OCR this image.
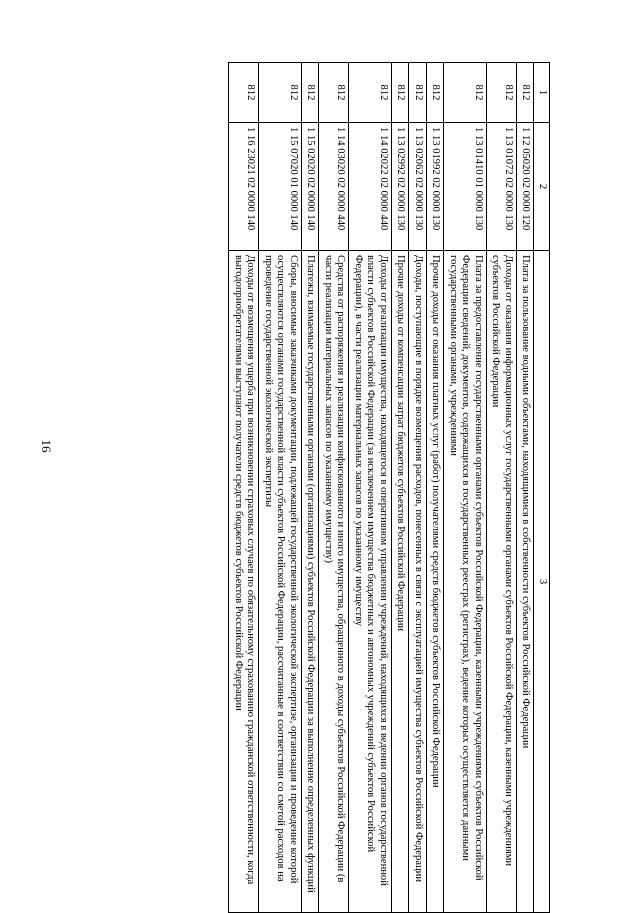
16
1	2	3
812	1 12 05020 02 0000 120	Плата за пользование водными объектами, находящимися в собственности субъектов Российской Федерации
812	1 13 01072 02 0000 130	Доходы от оказания информационных услуг государственными органами субъектов Российской Федерации, казенными учреждениями субъектов Российской Федерации
812	1 13 01410 01 0000 130	Плата за предоставление государственными органами субъектов Российской Федерации, казенными учреждениями субъектов Российской Федерации сведений, документов, содержащихся в государственных реестрах (регистрах), ведение которых осуществляется данными государственными органами, учреждениями
812	1 13 01992 02 0000 130	Прочие доходы от оказания платных услуг (работ) получателями средств бюджетов субъектов Российской Федерации
812	1 13 02062 02 0000 130	Доходы, поступающие в порядке возмещения расходов, понесенных в связи с эксплуатацией имущества субъектов Российской Федерации
812	1 13 02992 02 0000 130	Прочие доходы от компенсации затрат бюджетов субъектов Российской Федерации
812	1 14 02022 02 0000 440	Доходы от реализации имущества, находящегося в оперативном управлении учреждений, находящихся в ведении органов государственной власти субъектов Российской Федерации (за исключением имущества бюджетных и автономных учреждений субъектов Российской Федерации), в части реализации материальных запасов по указанному имуществу
812	1 14 03020 02 0000 440	Средства от распоряжения и реализации конфискованного и иного имущества, обращенного в доходы субъектов Российской Федерации (в части реализации материальных запасов по указанному имуществу)
812	1 15 02020 02 0000 140	Платежи, взимаемые государственными органами (организациями) субъектов Российской Федерации за выполнение определенных функций
812	1 15 07020 01 0000 140	Сборы, вносимые заказчиками документации, подлежащей государственной экологической экспертизе, организация и проведение которой осуществляются органами государственной власти субъектов Российской Федерации, рассчитанные в соответствии со сметой расходов на проведение государственной экологической экспертизы
812	1 16 23021 02 0000 140	Доходы от возмещения ущерба при возникновении страховых случаев по обязательному страхованию гражданской ответственности, когда выгодоприобретателями выступают получатели средств бюджетов субъектов Российской Федерации
